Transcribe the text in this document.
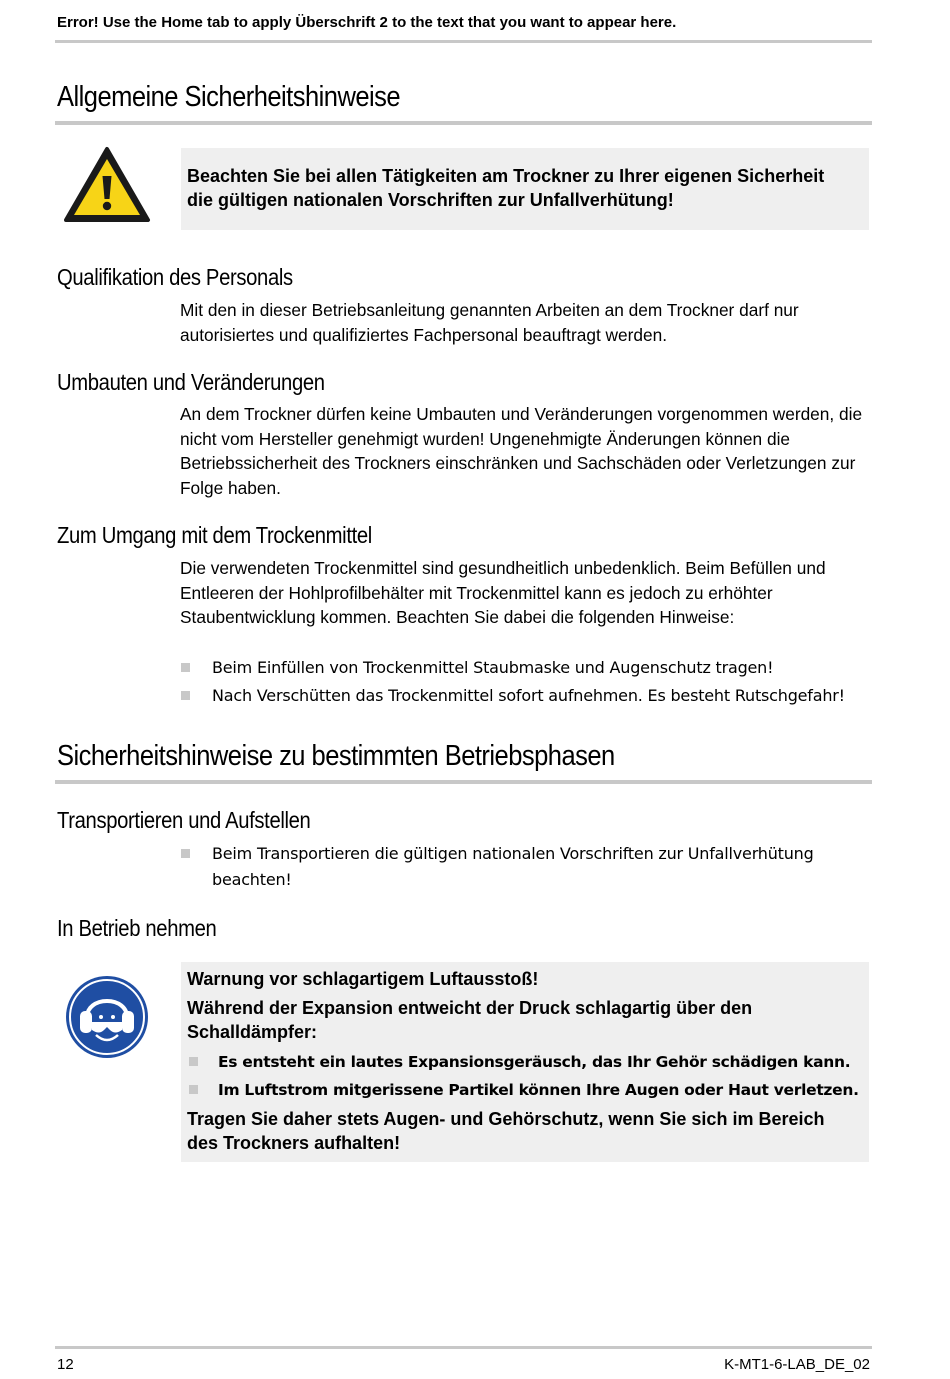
Error! Use the Home tab to apply Überschrift 2 to the text that you want to appear here.
Allgemeine Sicherheitshinweise
Beachten Sie bei allen Tätigkeiten am Trockner zu Ihrer eigenen Sicherheit die gültigen nationalen Vorschriften zur Unfallverhütung!
Qualifikation des Personals
Mit den in dieser Betriebsanleitung genannten Arbeiten an dem Trockner darf nur autorisiertes und qualifiziertes Fachpersonal beauftragt werden.
Umbauten und Veränderungen
An dem Trockner dürfen keine Umbauten und Veränderungen vorgenommen werden, die nicht vom Hersteller genehmigt wurden! Ungenehmigte Änderungen können die Betriebssicherheit des Trockners einschränken und Sachschäden oder Verletzungen zur Folge haben.
Zum Umgang mit dem Trockenmittel
Die verwendeten Trockenmittel sind gesundheitlich unbedenklich. Beim Befüllen und Entleeren der Hohlprofilbehälter mit Trockenmittel kann es jedoch zu erhöhter Staubentwicklung kommen. Beachten Sie dabei die folgenden Hinweise:
Beim Einfüllen von Trockenmittel Staubmaske und Augenschutz tragen!
Nach Verschütten das Trockenmittel sofort aufnehmen. Es besteht Rutschgefahr!
Sicherheitshinweise zu bestimmten Betriebsphasen
Transportieren und Aufstellen
Beim Transportieren die gültigen nationalen Vorschriften zur Unfallverhütung beachten!
In Betrieb nehmen
Warnung vor schlagartigem Luftausstoß!
Während der Expansion entweicht der Druck schlagartig über den Schalldämpfer:
Es entsteht ein lautes Expansionsgeräusch, das Ihr Gehör schädigen kann.
Im Luftstrom mitgerissene Partikel können Ihre Augen oder Haut verletzen.
Tragen Sie daher stets Augen- und Gehörschutz, wenn Sie sich im Bereich des Trockners aufhalten!
12	K-MT1-6-LAB_DE_02
